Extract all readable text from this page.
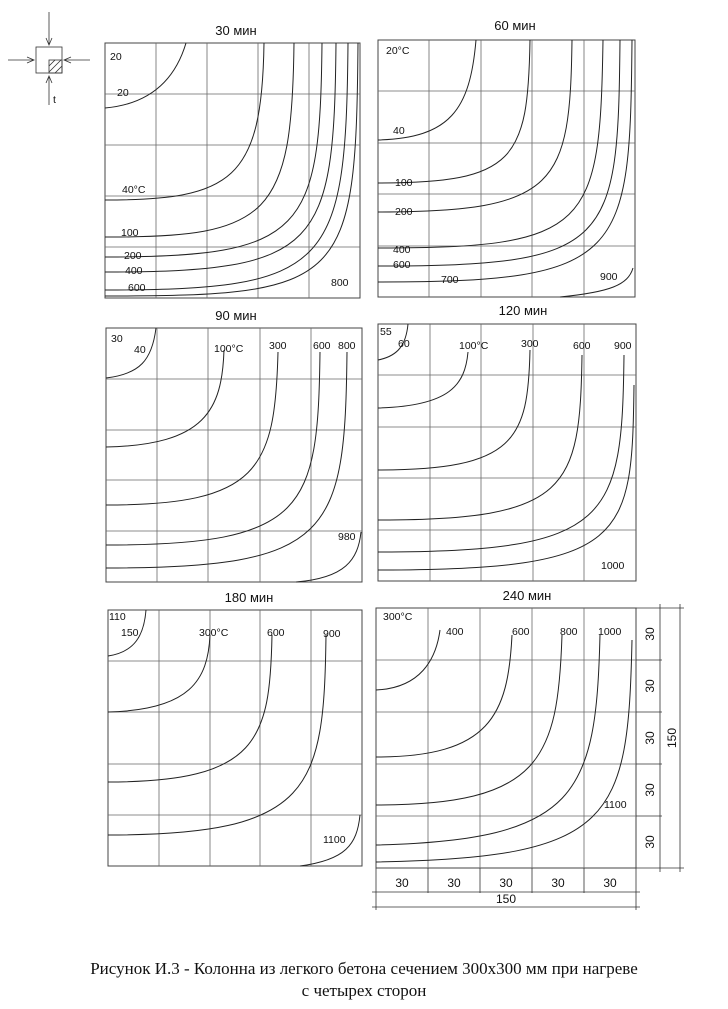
t
30 мин
20
20
40°C
100
200
400
600	800
60 мин
20°C
40
100
200
400
600
700	900
90 мин
30
40	100°C 300	600 800
980
120 мин
55
60	100°C	300	600 900
1000
180 мин
110
150	300°C	600	900
1100
240 мин
300°C
400	600	800 1000
1100
30	30	30	30	30
150
30
30
30
30
30
150
Рисунок И.3 - Колонна из легкого бетона сечением 300x300 мм при нагреве
с четырех сторон
